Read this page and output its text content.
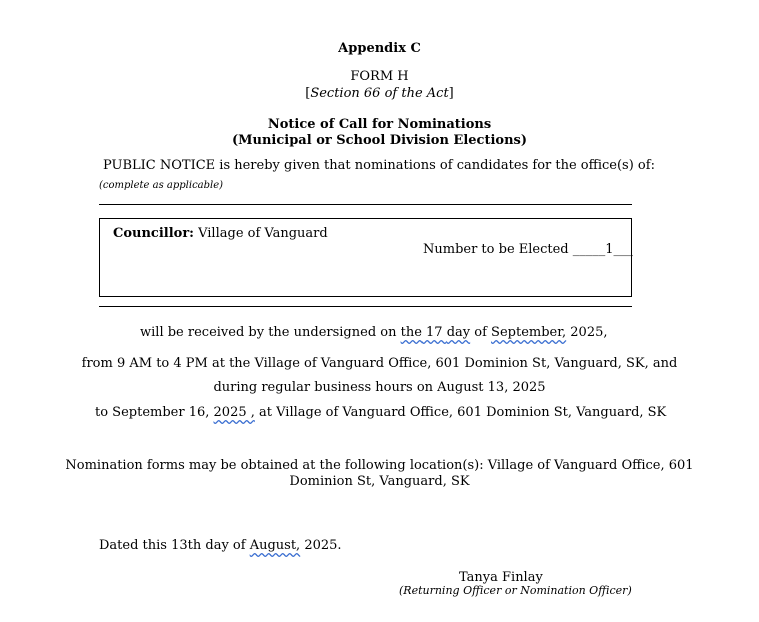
Appendix C
FORM H
[Section 66 of the Act]
Notice of Call for Nominations
(Municipal or School Division Elections)
PUBLIC NOTICE is hereby given that nominations of candidates for the office(s) of:
(complete as applicable)
Councillor: Village of Vanguard
Number to be Elected _____1___
will be received by the undersigned on the 17 day of September, 2025,
from 9 AM to 4 PM at the Village of Vanguard Office, 601 Dominion St, Vanguard, SK, and
during regular business hours on August 13, 2025
to September 16, 2025 , at Village of Vanguard Office, 601 Dominion St, Vanguard, SK
Nomination forms may be obtained at the following location(s): Village of Vanguard Office, 601
Dominion St, Vanguard, SK
Dated this 13th day of August, 2025.
Tanya Finlay
(Returning Officer or Nomination Officer)
